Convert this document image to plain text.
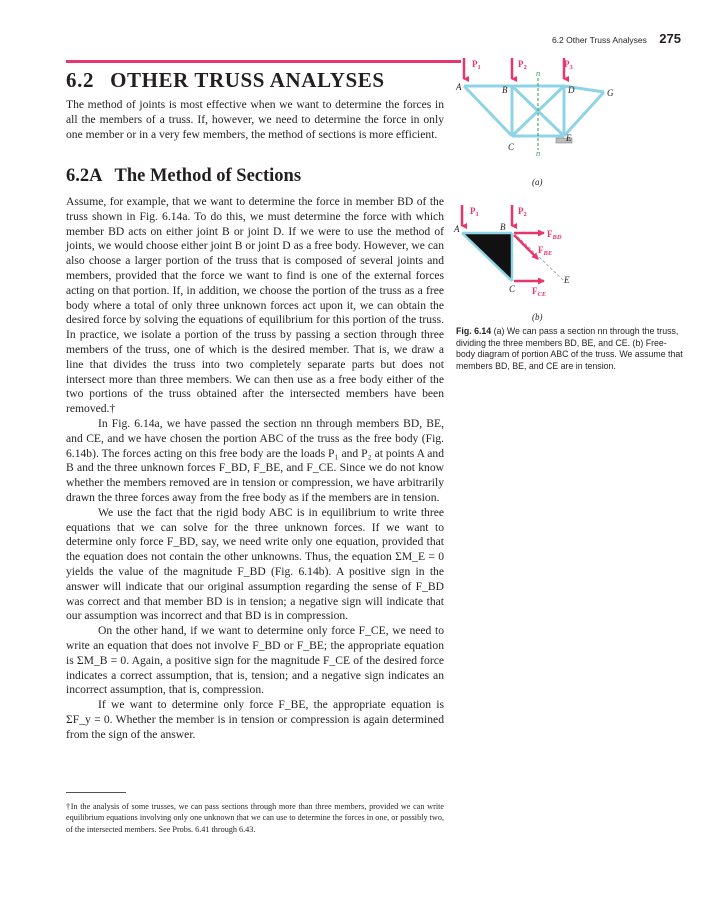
6.2 Other Truss Analyses 275
6.2 OTHER TRUSS ANALYSES

The method of joints is most effective when we want to determine the forces in all the members of a truss. If, however, we need to determine the force in only one member or in a very few members, the method of sections is more efficient.

6.2A The Method of Sections

Assume, for example, that we want to determine the force in member BD of the truss shown in Fig. 6.14a. To do this, we must determine the force with which member BD acts on either joint B or joint D. If we were to use the method of joints, we would choose either joint B or joint D as a free body. However, we can also choose a larger portion of the truss that is composed of several joints and members, provided that the force we want to find is one of the external forces acting on that portion. If, in addition, we choose the portion of the truss as a free body where a total of only three unknown forces act upon it, we can obtain the desired force by solving the equations of equilibrium for this portion of the truss. In practice, we isolate a portion of the truss by passing a section through three members of the truss, one of which is the desired member. That is, we draw a line that divides the truss into two completely separate parts but does not intersect more than three members. We can then use as a free body either of the two portions of the truss obtained after the intersected members have been removed.†

In Fig. 6.14a, we have passed the section nn through members BD, BE, and CE, and we have chosen the portion ABC of the truss as the free body (Fig. 6.14b). The forces acting on this free body are the loads P₁ and P₂ at points A and B and the three unknown forces F_BD, F_BE, and F_CE. Since we do not know whether the members removed are in tension or compression, we have arbitrarily drawn the three forces away from the free body as if the members are in tension.

We use the fact that the rigid body ABC is in equilibrium to write three equations that we can solve for the three unknown forces. If we want to determine only force F_BD, say, we need write only one equation, provided that the equation does not contain the other unknowns. Thus, the equation ΣM_E = 0 yields the value of the magnitude F_BD (Fig. 6.14b). A positive sign in the answer will indicate that our original assumption regarding the sense of F_BD was correct and that member BD is in tension; a negative sign will indicate that our assumption was incorrect and that BD is in compression.

On the other hand, if we want to determine only force F_CE, we need to write an equation that does not involve F_BD or F_BE; the appropriate equation is ΣM_B = 0. Again, a positive sign for the magnitude F_CE of the desired force indicates a correct assumption, that is, tension; and a negative sign indicates an incorrect assumption, that is, compression.

If we want to determine only force F_BE, the appropriate equation is ΣF_y = 0. Whether the member is in tension or compression is again determined from the sign of the answer.

†In the analysis of some trusses, we can pass sections through more than three members, provided we can write equilibrium equations involving only one unknown that we can use to determine the forces in one, or possibly two, of the intersected members. See Probs. 6.41 through 6.43.
n
n
$P_1$	$P_2$	$P_3$
A	B
C
D
E
G
(a)
$P_1$	$P_2$
$F_{BD}$
$F_{BE}$
$F_{CE}$
A	B
C
E
(b)
Fig. 6.14 (a) We can pass a section nn through the truss, dividing the three members BD, BE, and CE. (b) Free-body diagram of portion ABC of the truss. We assume that members BD, BE, and CE are in tension.
